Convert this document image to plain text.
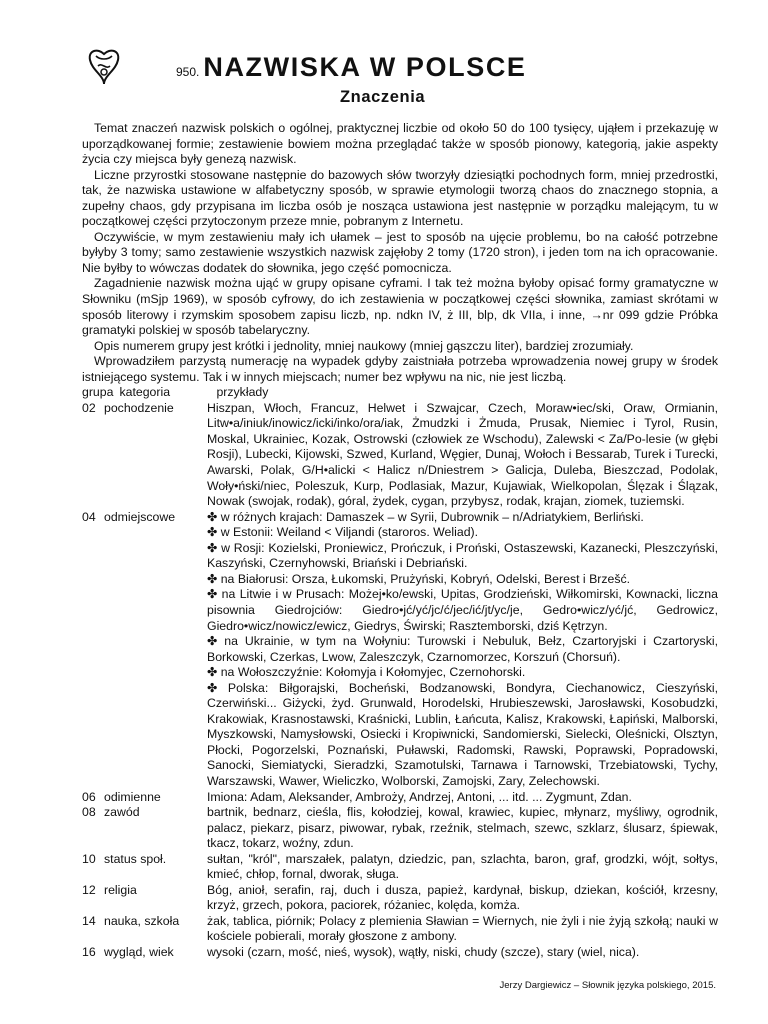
950. NAZWISKA W POLSCE
Znaczenia

Temat znaczeń nazwisk polskich o ogólnej, praktycznej liczbie od około 50 do 100 tysięcy, ująłem i przekazuję w uporządkowanej formie; zestawienie bowiem można przeglądać także w sposób pionowy, kategorią, jakie aspekty życia czy miejsca były genezą nazwisk.

Liczne przyrostki stosowane następnie do bazowych słów tworzyły dziesiątki pochodnych form, mniej przedrostki, tak, że nazwiska ustawione w alfabetyczny sposób, w sprawie etymologii tworzą chaos do znacznego stopnia, a zupełny chaos, gdy przypisana im liczba osób je nosząca ustawiona jest następnie w porządku malejącym, tu w początkowej części przytoczonym przeze mnie, pobranym z Internetu.

Oczywiście, w mym zestawieniu mały ich ułamek – jest to sposób na ujęcie problemu, bo na całość potrzebne byłyby 3 tomy; samo zestawienie wszystkich nazwisk zajęłoby 2 tomy (1720 stron), i jeden tom na ich opracowanie. Nie byłby to wówczas dodatek do słownika, jego część pomocnicza.

Zagadnienie nazwisk można ująć w grupy opisane cyframi. I tak też można byłoby opisać formy gramatyczne w Słowniku (mSjp 1969), w sposób cyfrowy, do ich zestawienia w początkowej części słownika, zamiast skrótami w sposób literowy i rzymskim sposobem zapisu liczb, np. ndkn IV, ż III, blp, dk VIIa, i inne, →nr 099 gdzie Próbka gramatyki polskiej w sposób tabelaryczny.

Opis numerem grupy jest krótki i jednolity, mniej naukowy (mniej gąszczu liter), bardziej zrozumiały.

Wprowadziłem parzystą numerację na wypadek gdyby zaistniała potrzeba wprowadzenia nowej grupy w środek istniejącego systemu. Tak i w innych miejscach; numer bez wpływu na nic, nie jest liczbą.

grupa kategoria	przykłady
02 pochodzenie	Hiszpan, Włoch, Francuz, Helwet i Szwajcar, Czech, Moraw•iec/ski, Oraw, Ormianin, Litw•a/iniuk/inowicz/icki/inko/ora/iak, Żmudzki i Żmuda, Prusak, Niemiec i Tyrol, Rusin, Moskal, Ukrainiec, Kozak, Ostrowski (człowiek ze Wschodu), Zalewski < Za/Po-lesie (w głębi Rosji), Lubecki, Kijowski, Szwed, Kurland, Węgier, Dunaj, Wołoch i Bessarab, Turek i Turecki, Awarski, Polak, G/H•alicki < Halicz n/Dniestrem > Galicja, Duleba, Bieszczad, Podolak, Woły•ński/niec, Poleszuk, Kurp, Podlasiak, Mazur, Kujawiak, Wielkopolan, Ślęzak i Ślązak, Nowak (swojak, rodak), góral, żydek, cygan, przybysz, rodak, krajan, ziomek, tuziemski.
04 odmiejscowe	✤ w różnych krajach: Damaszek – w Syrii, Dubrownik – n/Adriatykiem, Berliński.
✤ w Estonii: Weiland < Viljandi (staroros. Weliad).
✤ w Rosji: Kozielski, Proniewicz, Prończuk, i Proński, Ostaszewski, Kazanecki, Pleszczyński, Kaszyński, Czernyhowski, Briański i Debriański.
✤ na Białorusi: Orsza, Łukomski, Prużyński, Kobryń, Odelski, Berest i Brzešć.
✤ na Litwie i w Prusach: Możej•ko/ewski, Upitas, Grodzieński, Wiłkomirski, Kownacki, liczna pisownia Giedrojciów: Giedro•jć/yć/jc/ć/jec/ić/jt/yc/je, Gedro•wicz/yć/jć, Gedrowicz, Giedro•wicz/nowicz/ewicz, Giedrys, Świrski; Rasztemborski, dziś Kętrzyn.
✤ na Ukrainie, w tym na Wołyniu: Turowski i Nebuluk, Bełz, Czartoryjski i Czartoryski, Borkowski, Czerkas, Lwow, Zaleszczyk, Czarnomorzec, Korszuń (Chorsuń).
✤ na Wołoszczyźnie: Kołomyja i Kołomyjec, Czernohorski.
✤ Polska: Biłgorajski, Bocheński, Bodzanowski, Bondyra, Ciechanowicz, Cieszyński, Czerwiński... Giżycki, żyd. Grunwald, Horodelski, Hrubieszewski, Jarosławski, Kosobudzki, Krakowiak, Krasnostawski, Kraśnicki, Lublin, Łańcuta, Kalisz, Krakowski, Łapiński, Malborski, Myszkowski, Namysłowski, Osiecki i Kropiwnicki, Sandomierski, Sielecki, Oleśnicki, Olsztyn, Płocki, Pogorzelski, Poznański, Puławski, Radomski, Rawski, Poprawski, Popradowski, Sanocki, Siemiatycki, Sieradzki, Szamotulski, Tarnawa i Tarnowski, Trzebiatowski, Tychy, Warszawski, Wawer, Wieliczko, Wolborski, Zamojski, Zary, Zelechowski.
06 odimienne	Imiona: Adam, Aleksander, Ambroży, Andrzej, Antoni, ... itd. ... Zygmunt, Zdan.
08 zawód	bartnik, bednarz, cieśla, flis, kołodziej, kowal, krawiec, kupiec, młynarz, myśliwy, ogrodnik, palacz, piekarz, pisarz, piwowar, rybak, rzeźnik, stelmach, szewc, szklarz, ślusarz, śpiewak, tkacz, tokarz, woźny, zdun.
10 status społ.	sułtan, "król", marszałek, palatyn, dziedzic, pan, szlachta, baron, graf, grodzki, wójt, sołtys, kmieć, chłop, fornal, dworak, sługa.
12 religia	Bóg, anioł, serafin, raj, duch i dusza, papież, kardynał, biskup, dziekan, kościół, krzesny, krzyż, grzech, pokora, paciorek, różaniec, kolęda, komża.
14 nauka, szkoła	żak, tablica, piórnik; Polacy z plemienia Sławian = Wiernych, nie żyli i nie żyją szkołą; nauki w kościele pobierali, morały głoszone z ambony.
16 wygląd, wiek	wysoki (czarn, mość, nieś, wysok), wątły, niski, chudy (szcze), stary (wiel, nica).
Jerzy Dargiewicz – Słownik języka polskiego, 2015.
